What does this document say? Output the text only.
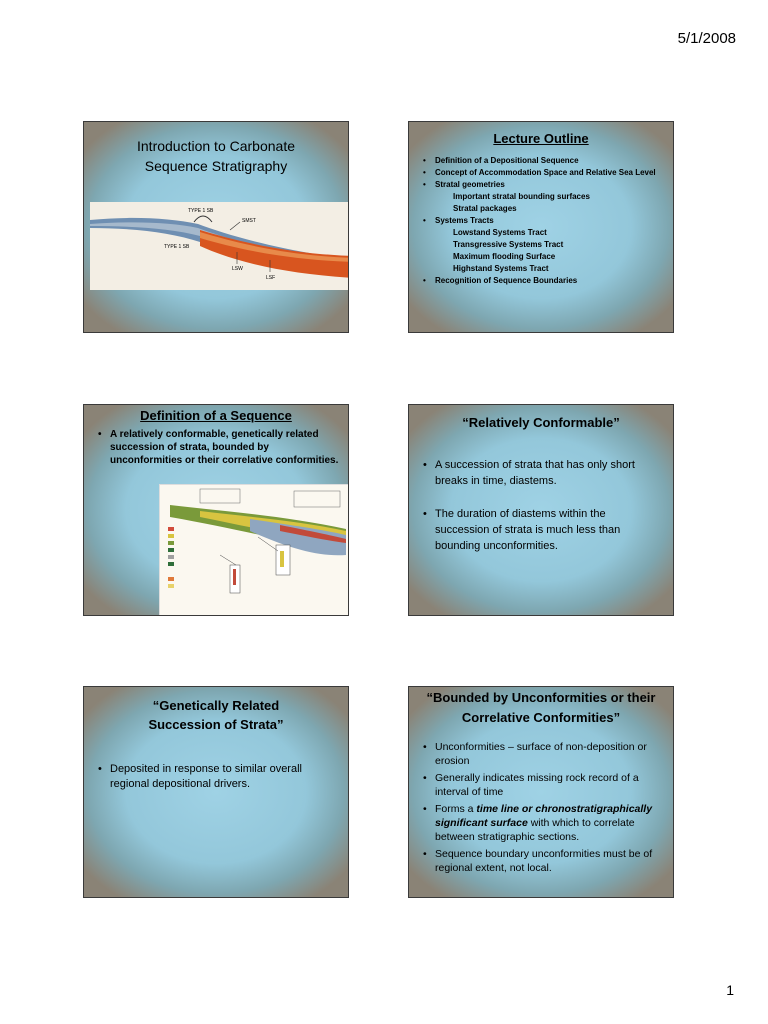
5/1/2008
Introduction to Carbonate
Sequence Stratigraphy
TYPE 1 SB
SMST
TYPE 1 SB
LSW
LSF
Lecture Outline
• Definition of a Depositional Sequence
• Concept of Accommodation Space and Relative Sea Level
• Stratal geometries
Important stratal bounding surfaces
Stratal packages
• Systems Tracts
Lowstand Systems Tract
Transgressive Systems Tract
Maximum flooding Surface
Highstand Systems Tract
• Recognition of Sequence Boundaries
Definition of a Sequence
• A relatively conformable, genetically related succession of strata, bounded by unconformities or their correlative conformities.
“Relatively Conformable”
• A succession of strata that has only short breaks in time, diastems.
• The duration of diastems within the succession of strata is much less than bounding unconformities.
“Genetically Related
Succession of Strata”
• Deposited in response to similar overall regional depositional drivers.
“Bounded by Unconformities or their
Correlative Conformities”
• Unconformities – surface of non-deposition or erosion
• Generally indicates missing rock record of a interval of time
• Forms a time line or chronostratigraphically significant surface with which to correlate between stratigraphic sections.
• Sequence boundary unconformities must be of regional extent, not local.
1
